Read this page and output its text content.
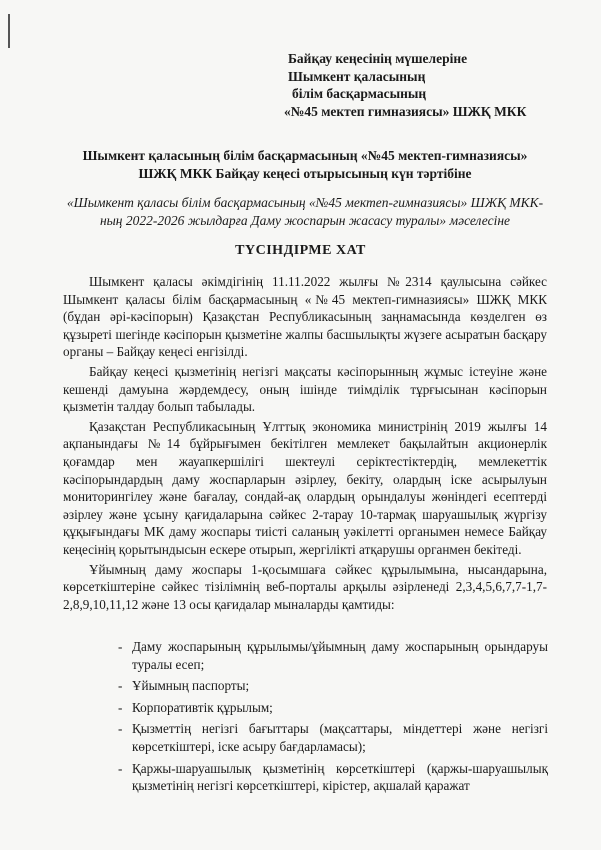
Байқау кеңесінің мүшелеріне
Шымкент қаласының
білім басқармасының
«№45 мектеп гимназиясы» ШЖҚ МКК
Шымкент қаласының білім басқармасының «№45 мектеп-гимназиясы»
ШЖҚ МКК Байқау кеңесі отырысының күн тәртібіне
«Шымкент қаласы білім басқармасының «№45 мектеп-гимназиясы» ШЖҚ МКК-ның 2022-2026 жылдарға Даму жоспарын жасасу туралы» мәселесіне
ТҮСІНДІРМЕ ХАТ

Шымкент қаласы әкімдігінің 11.11.2022 жылғы №2314 қаулысына сәйкес Шымкент қаласы білім басқармасының «№45 мектеп-гимназиясы» ШЖҚ МКК (бұдан әрі-кәсіпорын) Қазақстан Республикасының заңнамасында көзделген өз құзыреті шегінде кәсіпорын қызметіне жалпы басшылықты жүзеге асыратын басқару органы – Байқау кеңесі енгізілді.

Байқау кеңесі қызметінің негізгі мақсаты кәсіпорынның жұмыс істеуіне және кешенді дамуына жәрдемдесу, оның ішінде тиімділік тұрғысынан кәсіпорын қызметін талдау болып табылады.

Қазақстан Республикасының Ұлттық экономика министрінің 2019 жылғы 14 ақпанындағы №14 бұйрығымен бекітілген мемлекет бақылайтын акционерлік қоғамдар мен жауапкершілігі шектеулі серіктестіктердің, мемлекеттік кәсіпорындардың даму жоспарларын әзірлеу, бекіту, олардың іске асырылуын мониторингілеу және бағалау, сондай-ақ олардың орындалуы жөніндегі есептерді әзірлеу және ұсыну қағидаларына сәйкес 2-тарау 10-тармақ шаруашылық жүргізу құқығындағы МК даму жоспары тиісті саланың уәкілетті органымен немесе Байқау кеңесінің қорытындысын ескере отырып, жергілікті атқарушы органмен бекітеді.

Ұйымның даму жоспары 1-қосымшаға сәйкес құрылымына, нысандарына, көрсеткіштеріне сәйкес тізілімнің веб-порталы арқылы әзірленеді 2,3,4,5,6,7,7-1,7-2,8,9,10,11,12 және 13 осы қағидалар мыналарды қамтиды:

- Даму жоспарының құрылымы/ұйымның даму жоспарының орындаруы туралы есеп;
- Ұйымның паспорты;
- Корпоративтік құрылым;
- Қызметтің негізгі бағыттары (мақсаттары, міндеттері және негізгі көрсеткіштері, іске асыру бағдарламасы);
- Қаржы-шаруашылық қызметінің көрсеткіштері (қаржы-шаруашылық қызметінің негізгі көрсеткіштері, кірістер, ақшалай қаражат
